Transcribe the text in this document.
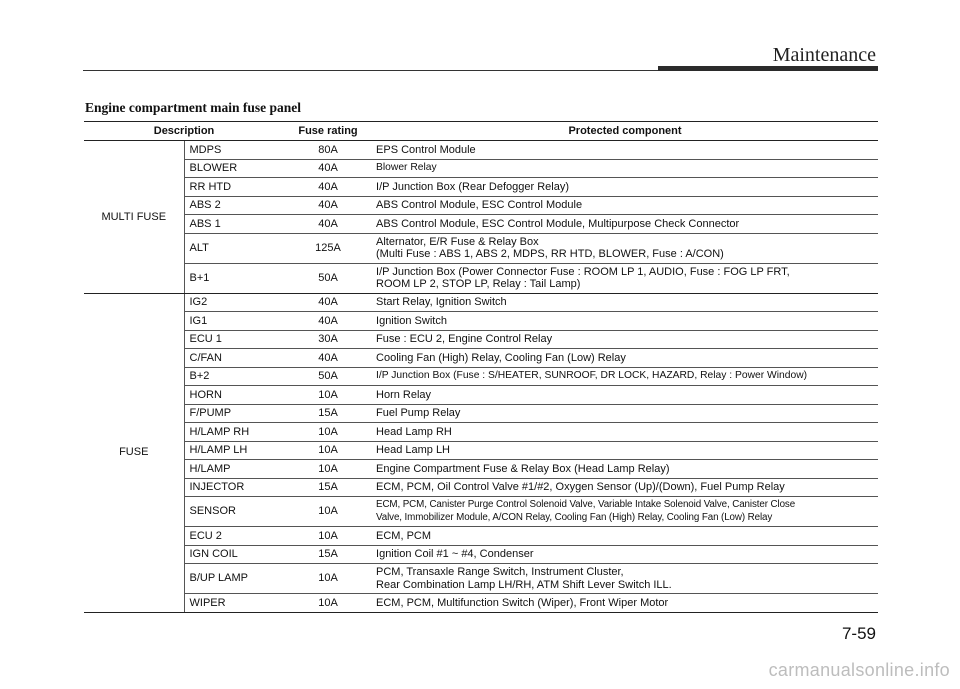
Maintenance
Engine compartment main fuse panel
Description		Fuse rating	Protected component
MULTI FUSE	MDPS	80A	EPS Control Module
	BLOWER	40A	Blower Relay
	RR HTD	40A	I/P Junction Box (Rear Defogger Relay)
	ABS 2	40A	ABS Control Module, ESC Control Module
	ABS 1	40A	ABS Control Module, ESC Control Module, Multipurpose Check Connector
	ALT	125A	Alternator, E/R Fuse & Relay Box
(Multi Fuse : ABS 1, ABS 2, MDPS, RR HTD, BLOWER, Fuse : A/CON)
	B+1	50A	I/P Junction Box (Power Connector Fuse : ROOM LP 1, AUDIO, Fuse : FOG LP FRT,
ROOM LP 2, STOP LP, Relay : Tail Lamp)
FUSE	IG2	40A	Start Relay, Ignition Switch
	IG1	40A	Ignition Switch
	ECU 1	30A	Fuse : ECU 2, Engine Control Relay
	C/FAN	40A	Cooling Fan (High) Relay, Cooling Fan (Low) Relay
	B+2	50A	I/P Junction Box (Fuse : S/HEATER, SUNROOF, DR LOCK, HAZARD, Relay : Power Window)
	HORN	10A	Horn Relay
	F/PUMP	15A	Fuel Pump Relay
	H/LAMP RH	10A	Head Lamp RH
	H/LAMP LH	10A	Head Lamp LH
	H/LAMP	10A	Engine Compartment Fuse & Relay Box (Head Lamp Relay)
	INJECTOR	15A	ECM, PCM, Oil Control Valve #1/#2, Oxygen Sensor (Up)/(Down), Fuel Pump Relay
	SENSOR	10A	ECM, PCM, Canister Purge Control Solenoid Valve, Variable Intake Solenoid Valve, Canister Close
Valve, Immobilizer Module, A/CON Relay, Cooling Fan (High) Relay, Cooling Fan (Low) Relay
	ECU 2	10A	ECM, PCM
	IGN COIL	15A	Ignition Coil #1 ~ #4, Condenser
	B/UP LAMP	10A	PCM, Transaxle Range Switch, Instrument Cluster,
Rear Combination Lamp LH/RH, ATM Shift Lever Switch ILL.
	WIPER	10A	ECM, PCM, Multifunction Switch (Wiper), Front Wiper Motor
7-59
carmanualsonline.info
